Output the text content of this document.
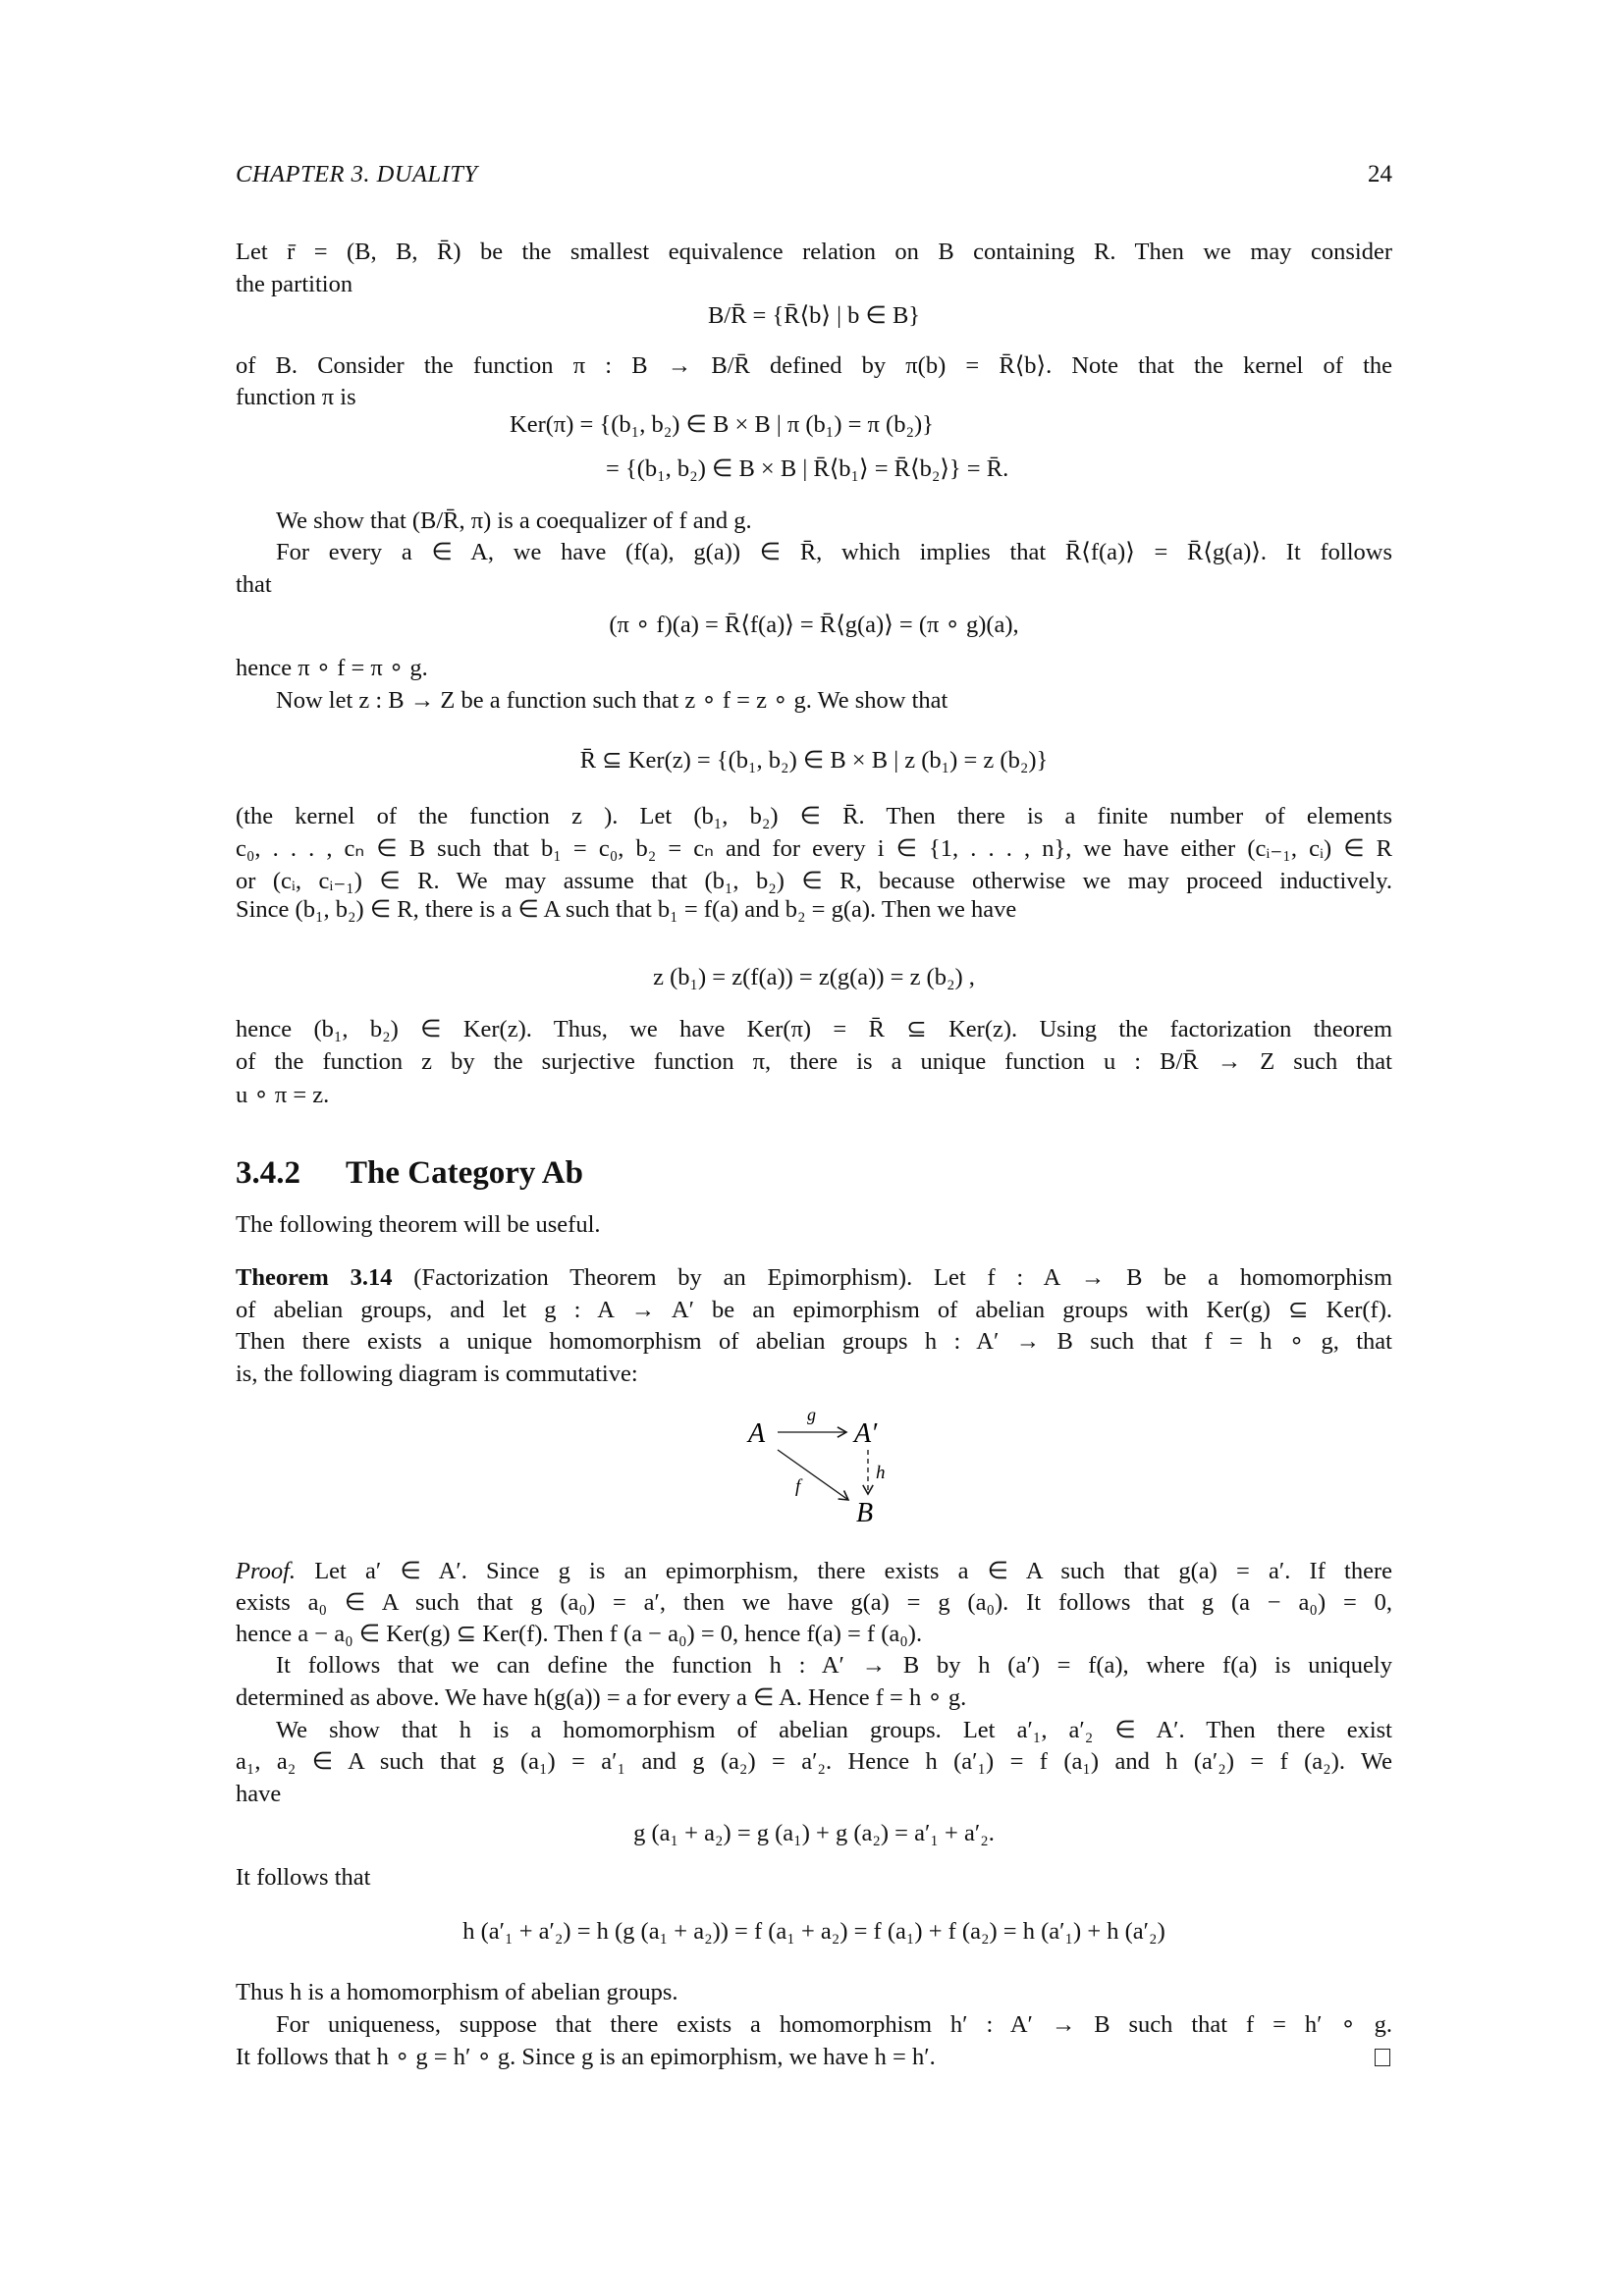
CHAPTER 3. DUALITY	24
Let r̄ = (B, B, R̄) be the smallest equivalence relation on B containing R. Then we may consider
the partition
B/R̄ = {R̄⟨b⟩ | b ∈ B}
of B. Consider the function π : B → B/R̄ defined by π(b) = R̄⟨b⟩. Note that the kernel of the
function π is
Ker(π) = {(b₁, b₂) ∈ B × B | π (b₁) = π (b₂)}
= {(b₁, b₂) ∈ B × B | R̄⟨b₁⟩ = R̄⟨b₂⟩} = R̄.
We show that (B/R̄, π) is a coequalizer of f and g.
For every a ∈ A, we have (f(a), g(a)) ∈ R̄, which implies that R̄⟨f(a)⟩ = R̄⟨g(a)⟩. It follows
that
(π ∘ f)(a) = R̄⟨f(a)⟩ = R̄⟨g(a)⟩ = (π ∘ g)(a),
hence π ∘ f = π ∘ g.
Now let z : B → Z be a function such that z ∘ f = z ∘ g. We show that
R̄ ⊆ Ker(z) = {(b₁, b₂) ∈ B × B | z (b₁) = z (b₂)}
(the kernel of the function z ). Let (b₁, b₂) ∈ R̄. Then there is a finite number of elements
c₀, . . . , cₙ ∈ B such that b₁ = c₀, b₂ = cₙ and for every i ∈ {1, . . . , n}, we have either (cᵢ₋₁, cᵢ) ∈ R
or (cᵢ, cᵢ₋₁) ∈ R. We may assume that (b₁, b₂) ∈ R, because otherwise we may proceed inductively.
Since (b₁, b₂) ∈ R, there is a ∈ A such that b₁ = f(a) and b₂ = g(a). Then we have
z (b₁) = z(f(a)) = z(g(a)) = z (b₂) ,
hence (b₁, b₂) ∈ Ker(z). Thus, we have Ker(π) = R̄ ⊆ Ker(z). Using the factorization theorem
of the function z by the surjective function π, there is a unique function u : B/R̄ → Z such that
u ∘ π = z.
3.4.2 The Category Ab
The following theorem will be useful.
Theorem 3.14 (Factorization Theorem by an Epimorphism). Let f : A → B be a homomorphism
of abelian groups, and let g : A → A′ be an epimorphism of abelian groups with Ker(g) ⊆ Ker(f).
Then there exists a unique homomorphism of abelian groups h : A′ → B such that f = h ∘ g, that
is, the following diagram is commutative:
A	A′
B
g
f
h
Proof. Let a′ ∈ A′. Since g is an epimorphism, there exists a ∈ A such that g(a) = a′. If there
exists a₀ ∈ A such that g (a₀) = a′, then we have g(a) = g (a₀). It follows that g (a − a₀) = 0,
hence a − a₀ ∈ Ker(g) ⊆ Ker(f). Then f (a − a₀) = 0, hence f(a) = f (a₀).
It follows that we can define the function h : A′ → B by h (a′) = f(a), where f(a) is uniquely
determined as above. We have h(g(a)) = a for every a ∈ A. Hence f = h ∘ g.
We show that h is a homomorphism of abelian groups. Let a′₁, a′₂ ∈ A′. Then there exist
a₁, a₂ ∈ A such that g (a₁) = a′₁ and g (a₂) = a′₂. Hence h (a′₁) = f (a₁) and h (a′₂) = f (a₂). We
have
g (a₁ + a₂) = g (a₁) + g (a₂) = a′₁ + a′₂.
It follows that
h (a′₁ + a′₂) = h (g (a₁ + a₂)) = f (a₁ + a₂) = f (a₁) + f (a₂) = h (a′₁) + h (a′₂)
Thus h is a homomorphism of abelian groups.
For uniqueness, suppose that there exists a homomorphism h′ : A′ → B such that f = h′ ∘ g.
It follows that h ∘ g = h′ ∘ g. Since g is an epimorphism, we have h = h′.
